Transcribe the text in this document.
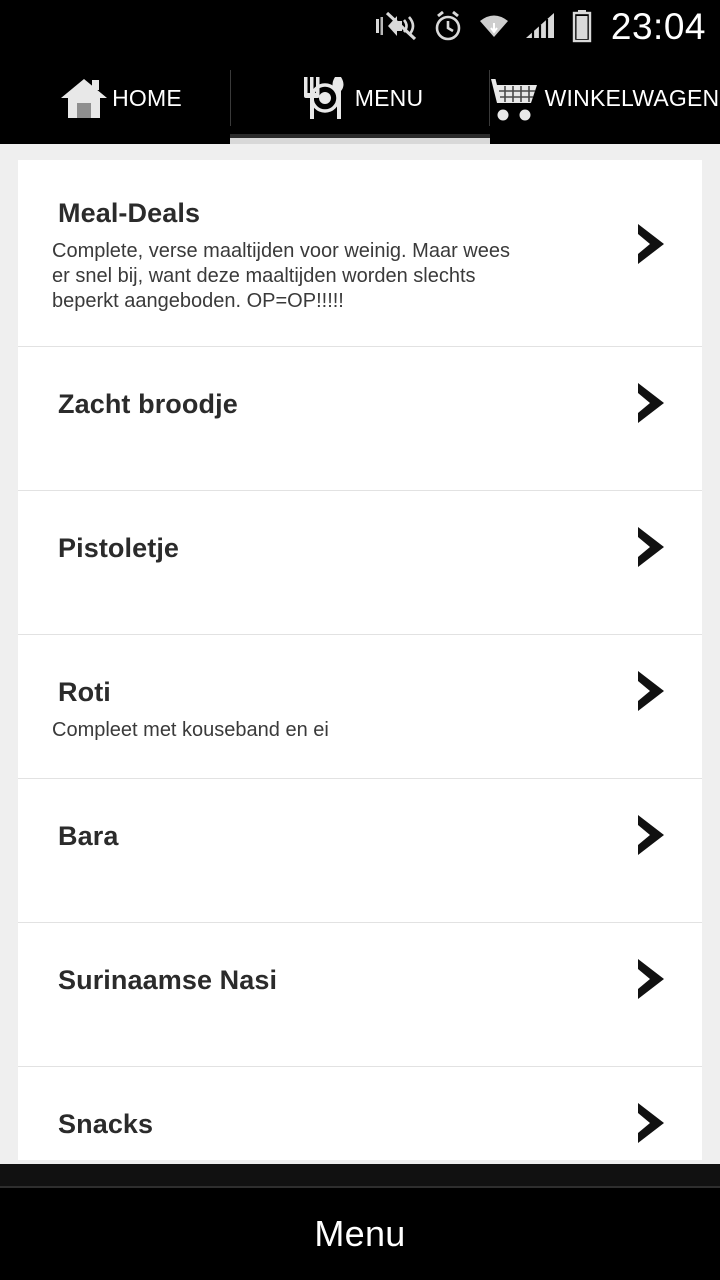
23:04
HOME	MENU	WINKELWAGEN
Meal-Deals
Complete, verse maaltijden voor weinig. Maar wees er snel bij, want deze maaltijden worden slechts beperkt aangeboden. OP=OP!!!!!
Zacht broodje
Pistoletje
Roti
Compleet met kouseband en ei
Bara
Surinaamse Nasi
Snacks
Menu
